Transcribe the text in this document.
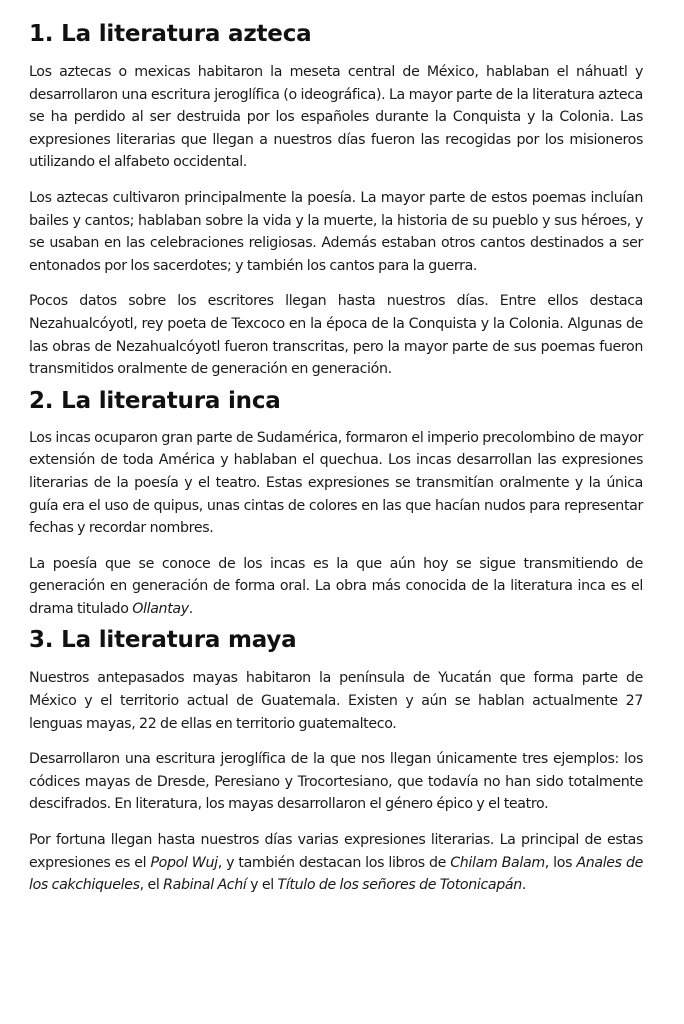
1. La literatura azteca

Los aztecas o mexicas habitaron la meseta central de México, hablaban el náhuatl y desarrollaron una escritura jeroglífica (o ideográfica). La mayor parte de la literatura azteca se ha perdido al ser destruida por los españoles durante la Conquista y la Colonia. Las expresiones literarias que llegan a nuestros días fueron las recogidas por los misioneros utilizando el alfabeto occidental.

Los aztecas cultivaron principalmente la poesía. La mayor parte de estos poemas incluían bailes y cantos; hablaban sobre la vida y la muerte, la historia de su pueblo y sus héroes, y se usaban en las celebraciones religiosas. Además estaban otros cantos destinados a ser entonados por los sacerdotes; y también los cantos para la guerra.

Pocos datos sobre los escritores llegan hasta nuestros días. Entre ellos destaca Nezahualcóyotl, rey poeta de Texcoco en la época de la Conquista y la Colonia. Algunas de las obras de Nezahualcóyotl fueron transcritas, pero la mayor parte de sus poemas fueron transmitidos oralmente de generación en generación.

2. La literatura inca

Los incas ocuparon gran parte de Sudamérica, formaron el imperio precolombino de mayor extensión de toda América y hablaban el quechua. Los incas desarrollan las expresiones literarias de la poesía y el teatro. Estas expresiones se transmitían oralmente y la única guía era el uso de quipus, unas cintas de colores en las que hacían nudos para representar fechas y recordar nombres.

La poesía que se conoce de los incas es la que aún hoy se sigue transmitiendo de generación en generación de forma oral. La obra más conocida de la literatura inca es el drama titulado Ollantay.

3. La literatura maya

Nuestros antepasados mayas habitaron la península de Yucatán que forma parte de México y el territorio actual de Guatemala. Existen y aún se hablan actualmente 27 lenguas mayas, 22 de ellas en territorio guatemalteco.

Desarrollaron una escritura jeroglífica de la que nos llegan únicamente tres ejemplos: los códices mayas de Dresde, Peresiano y Trocortesiano, que todavía no han sido totalmente descifrados. En literatura, los mayas desarrollaron el género épico y el teatro.

Por fortuna llegan hasta nuestros días varias expresiones literarias. La principal de estas expresiones es el Popol Wuj, y también destacan los libros de Chilam Balam, los Anales de los cakchiqueles, el Rabinal Achí y el Título de los señores de Totonicapán.
